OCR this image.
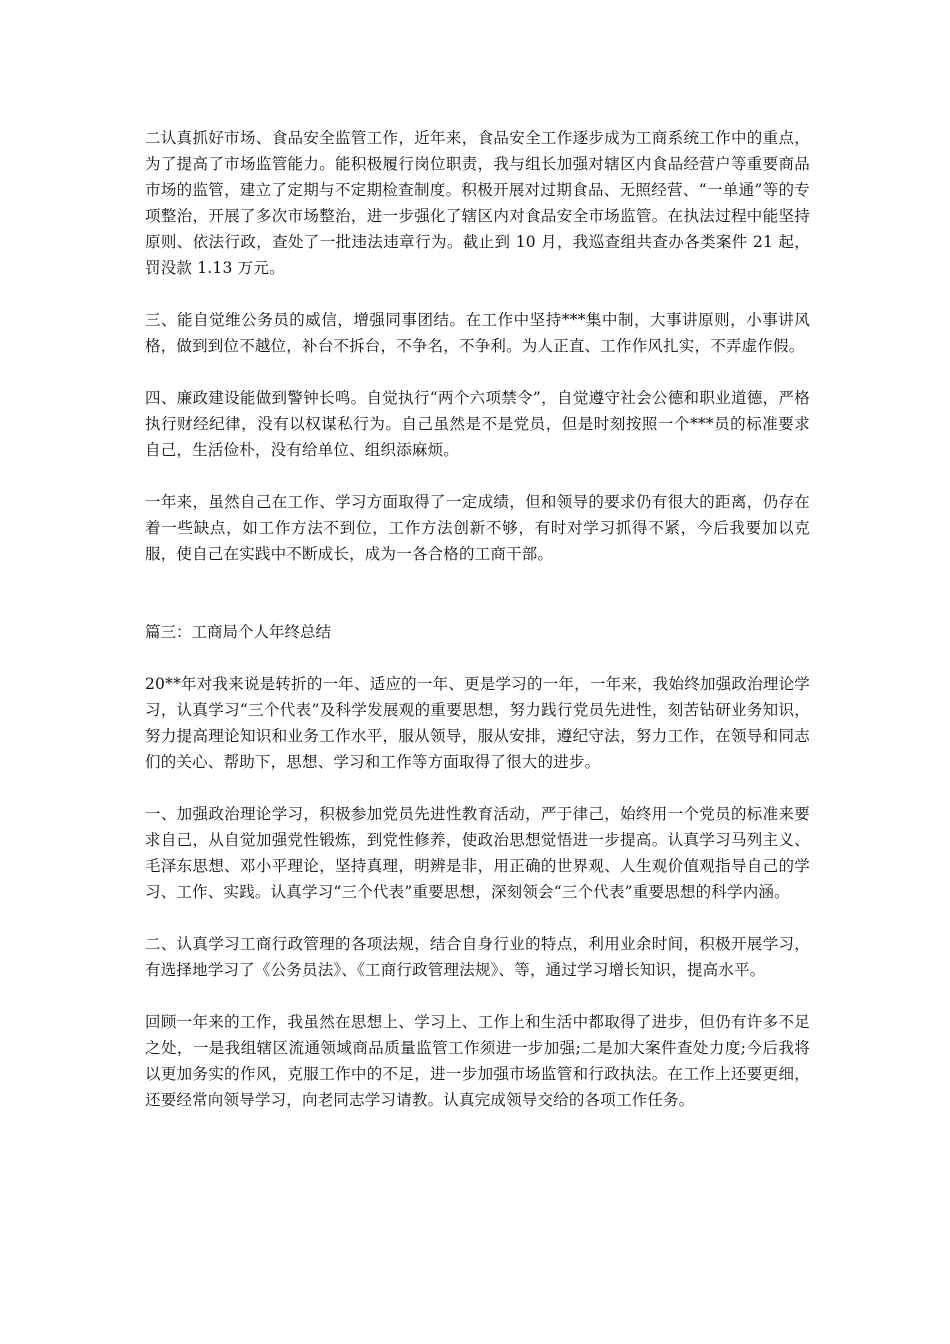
二认真抓好市场、食品安全监管工作，近年来，食品安全工作逐步成为工商系统工作中的重点，为了提高了市场监管能力。能积极履行岗位职责，我与组长加强对辖区内食品经营户等重要商品市场的监管，建立了定期与不定期检查制度。积极开展对过期食品、无照经营、“一单通”等的专项整治，开展了多次市场整治，进一步强化了辖区内对食品安全市场监管。在执法过程中能坚持原则、依法行政，查处了一批违法违章行为。截止到 10 月，我巡查组共查办各类案件 21 起，罚没款 1.13 万元。

三、能自觉维公务员的威信，增强同事团结。在工作中坚持***集中制，大事讲原则，小事讲风格，做到到位不越位，补台不拆台，不争名，不争利。为人正直、工作作风扎实，不弄虚作假。

四、廉政建设能做到警钟长鸣。自觉执行“两个六项禁令”，自觉遵守社会公德和职业道德，严格执行财经纪律，没有以权谋私行为。自己虽然是不是党员，但是时刻按照一个***员的标准要求自己，生活俭朴，没有给单位、组织添麻烦。

一年来，虽然自己在工作、学习方面取得了一定成绩，但和领导的要求仍有很大的距离，仍存在着一些缺点，如工作方法不到位，工作方法创新不够，有时对学习抓得不紧，今后我要加以克服，使自己在实践中不断成长，成为一各合格的工商干部。

篇三：工商局个人年终总结

20**年对我来说是转折的一年、适应的一年、更是学习的一年，一年来，我始终加强政治理论学习，认真学习“三个代表”及科学发展观的重要思想，努力践行党员先进性，刻苦钻研业务知识，努力提高理论知识和业务工作水平，服从领导，服从安排，遵纪守法，努力工作，在领导和同志们的关心、帮助下，思想、学习和工作等方面取得了很大的进步。

一、加强政治理论学习，积极参加党员先进性教育活动，严于律己，始终用一个党员的标准来要求自己，从自觉加强党性锻炼，到党性修养，使政治思想觉悟进一步提高。认真学习马列主义、毛泽东思想、邓小平理论，坚持真理，明辨是非，用正确的世界观、人生观价值观指导自己的学习、工作、实践。认真学习“三个代表”重要思想，深刻领会“三个代表”重要思想的科学内涵。

二、认真学习工商行政管理的各项法规，结合自身行业的特点，利用业余时间，积极开展学习，有选择地学习了《公务员法》、《工商行政管理法规》、等，通过学习增长知识，提高水平。

回顾一年来的工作，我虽然在思想上、学习上、工作上和生活中都取得了进步，但仍有许多不足之处，一是我组辖区流通领域商品质量监管工作须进一步加强;二是加大案件查处力度;今后我将以更加务实的作风，克服工作中的不足，进一步加强市场监管和行政执法。在工作上还要更细，还要经常向领导学习，向老同志学习请教。认真完成领导交给的各项工作任务。
